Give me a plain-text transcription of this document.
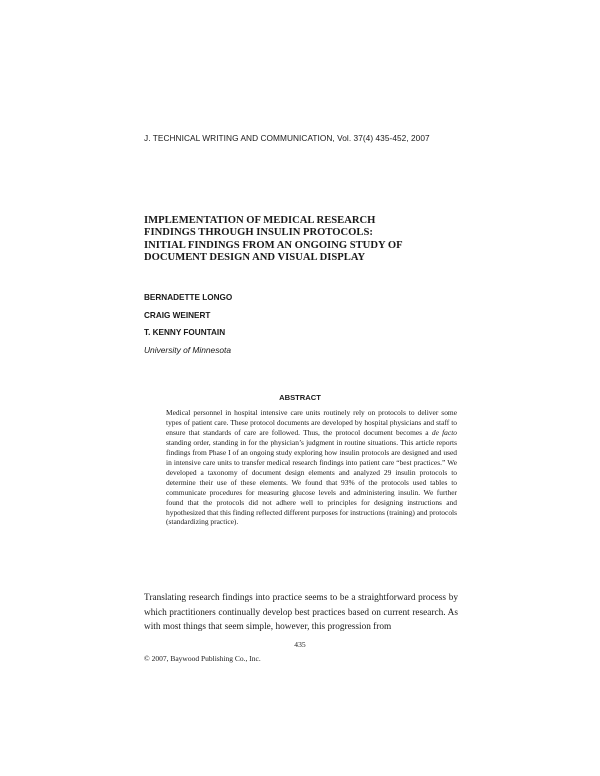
J. TECHNICAL WRITING AND COMMUNICATION, Vol. 37(4) 435-452, 2007
IMPLEMENTATION OF MEDICAL RESEARCH
FINDINGS THROUGH INSULIN PROTOCOLS:
INITIAL FINDINGS FROM AN ONGOING STUDY OF
DOCUMENT DESIGN AND VISUAL DISPLAY
BERNADETTE LONGO
CRAIG WEINERT
T. KENNY FOUNTAIN
University of Minnesota
ABSTRACT
Medical personnel in hospital intensive care units routinely rely on protocols to deliver some types of patient care. These protocol documents are developed by hospital physicians and staff to ensure that standards of care are followed. Thus, the protocol document becomes a de facto standing order, standing in for the physician’s judgment in routine situations. This article reports findings from Phase I of an ongoing study exploring how insulin protocols are designed and used in intensive care units to transfer medical research findings into patient care “best practices.” We developed a taxonomy of document design elements and analyzed 29 insulin protocols to determine their use of these elements. We found that 93% of the protocols used tables to communicate procedures for measuring glucose levels and administering insulin. We further found that the protocols did not adhere well to principles for designing instructions and hypothesized that this finding reflected different purposes for instructions (training) and protocols (standardizing practice).
Translating research findings into practice seems to be a straightforward process by which practitioners continually develop best practices based on current research. As with most things that seem simple, however, this progression from
435
© 2007, Baywood Publishing Co., Inc.
